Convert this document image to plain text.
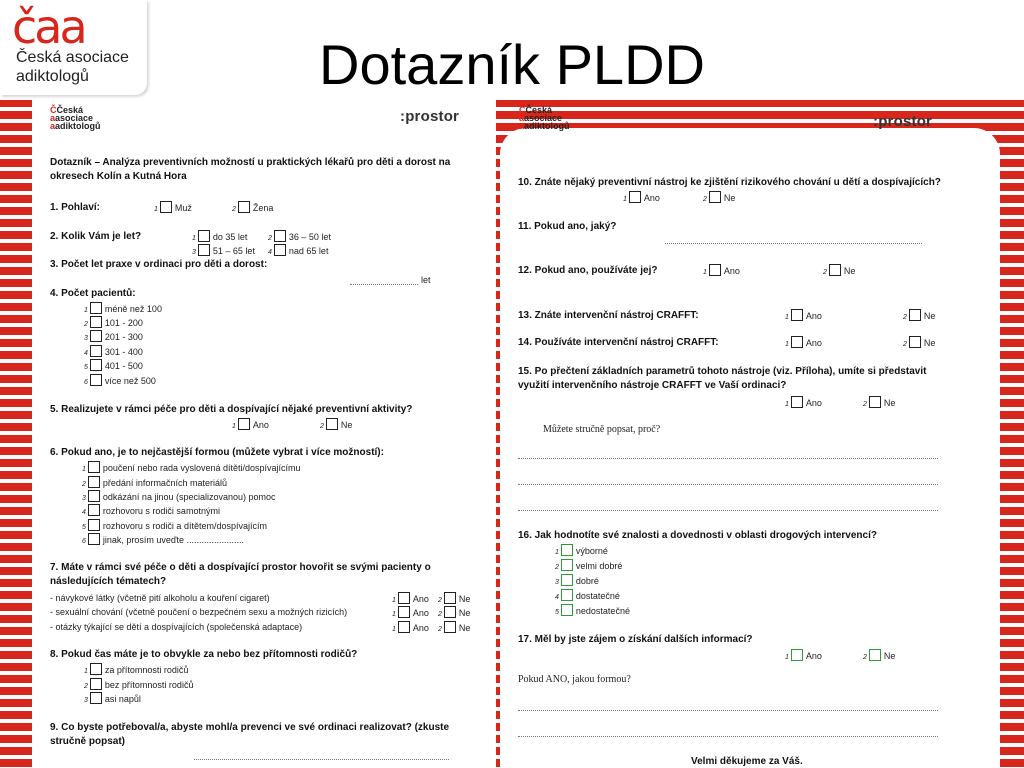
čaa
Česká asociace
adiktologů	Dotazník PLDD
ČČeská
aasociace
aadiktologů
:prostor
Dotazník – Analýza preventivních možností u praktických lékařů pro děti a dorost na okresech Kolín a Kutná Hora
1. Pohlaví:	1 Muž	2 Žena
2. Kolik Vám je let?	1 do 35 let	2 36 – 50 let
3 51 – 65 let 4 nad 65 let
3. Počet let praxe v ordinaci pro děti a dorost:
let
4. Počet pacientů:
1 méně než 100
2 101 - 200
3 201 - 300
4 301 - 400
5 401 - 500
6 více než 500
5. Realizujete v rámci péče pro děti a dospívající nějaké preventivní aktivity?
1 Ano	2 Ne
6. Pokud ano, je to nejčastější formou (můžete vybrat i více možností):
1 poučení nebo rada vyslovená dítěti/dospívajícímu
2 předání informačních materiálů
3 odkázání na jinou (specializovanou) pomoc
4 rozhovoru s rodiči samotnými
5 rozhovoru s rodiči a dítětem/dospívajícím
6 jinak, prosím uveďte .......................
7. Máte v rámci své péče o děti a dospívající prostor hovořit se svými pacienty o následujících tématech?
- návykové látky (včetně pití alkoholu a kouření cigaret)	1 Ano 2 Ne
- sexuální chování (včetně poučení o bezpečném sexu a možných rizicích)	1 Ano 2 Ne
- otázky týkající se dětí a dospívajících (společenská adaptace)	1 Ano 2 Ne
8. Pokud čas máte je to obvykle za nebo bez přítomnosti rodičů?
1 za přítomnosti rodičů
2 bez přítomnosti rodičů
3 asi napůl
9. Co byste potřeboval/a, abyste mohl/a prevenci ve své ordinaci realizovat? (zkuste stručně popsat)
ČČeská
aasociace
aadiktologů	:prostor
10. Znáte nějaký preventivní nástroj ke zjištění rizikového chování u dětí a dospívajících?
1 Ano	2 Ne
11. Pokud ano, jaký?
12. Pokud ano, používáte jej?	1 Ano	2 Ne
13. Znáte intervenční nástroj CRAFFT:	1 Ano	2 Ne
14. Používáte intervenční nástroj CRAFFT:	1 Ano	2 Ne
15. Po přečtení základních parametrů tohoto nástroje (viz. Příloha), umíte si představit využití intervenčního nástroje CRAFFT ve Vaší ordinaci?
1 Ano	2 Ne
Můžete stručně popsat, proč?
16. Jak hodnotíte své znalosti a dovednosti v oblasti drogových intervencí?
1 výborné
2 velmi dobré
3 dobré
4 dostatečné
5 nedostatečné
17. Měl by jste zájem o získání dalších informací?
1 Ano	2 Ne
Pokud ANO, jakou formou?
Velmi děkujeme za Váš.
